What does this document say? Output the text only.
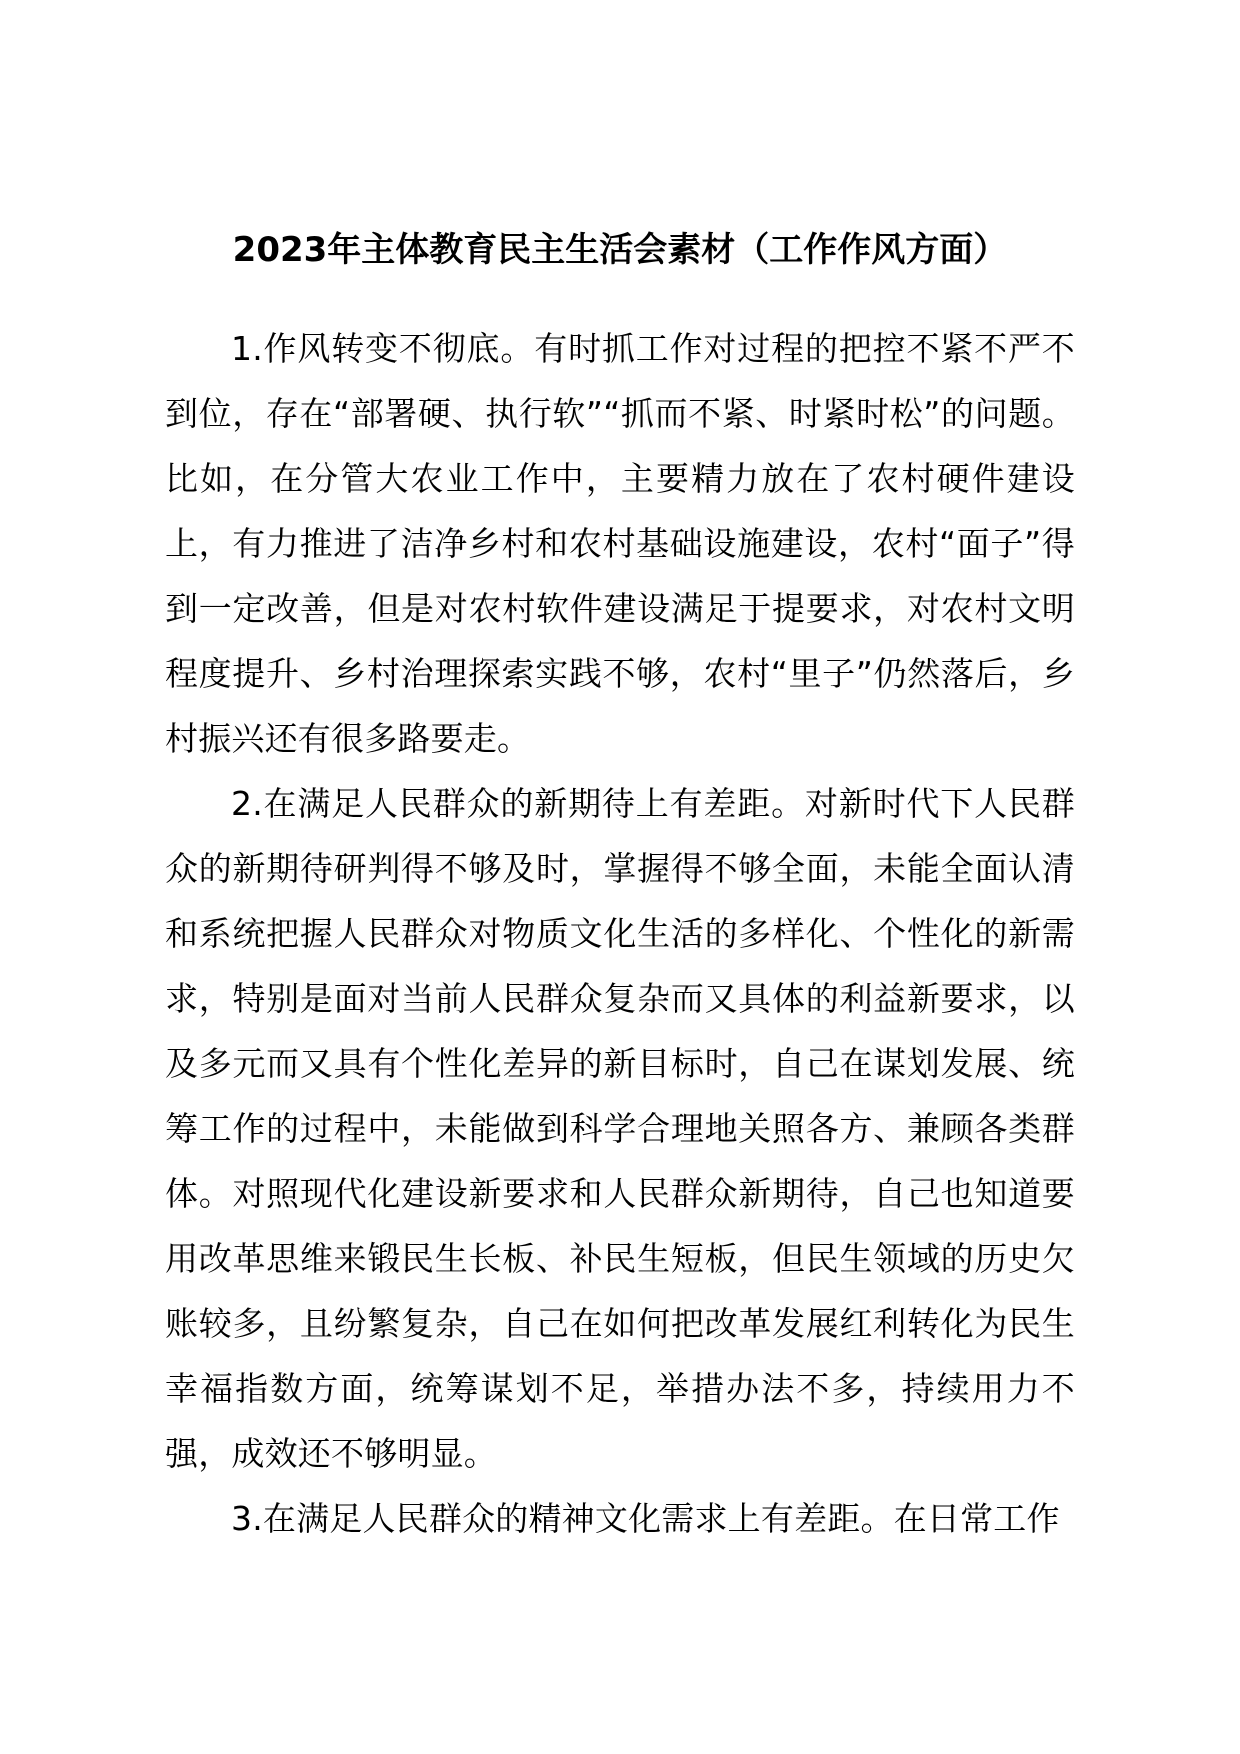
2023年主体教育民主生活会素材（工作作风方面）

1.作风转变不彻底。有时抓工作对过程的把控不紧不严不到位，存在“部署硬、执行软”“抓而不紧、时紧时松”的问题。比如，在分管大农业工作中，主要精力放在了农村硬件建设上，有力推进了洁净乡村和农村基础设施建设，农村“面子”得到一定改善，但是对农村软件建设满足于提要求，对农村文明程度提升、乡村治理探索实践不够，农村“里子”仍然落后，乡村振兴还有很多路要走。

2.在满足人民群众的新期待上有差距。对新时代下人民群众的新期待研判得不够及时，掌握得不够全面，未能全面认清和系统把握人民群众对物质文化生活的多样化、个性化的新需求，特别是面对当前人民群众复杂而又具体的利益新要求，以及多元而又具有个性化差异的新目标时，自己在谋划发展、统筹工作的过程中，未能做到科学合理地关照各方、兼顾各类群体。对照现代化建设新要求和人民群众新期待，自己也知道要用改革思维来锻民生长板、补民生短板，但民生领域的历史欠账较多，且纷繁复杂，自己在如何把改革发展红利转化为民生幸福指数方面，统筹谋划不足，举措办法不多，持续用力不强，成效还不够明显。

3.在满足人民群众的精神文化需求上有差距。在日常工作
